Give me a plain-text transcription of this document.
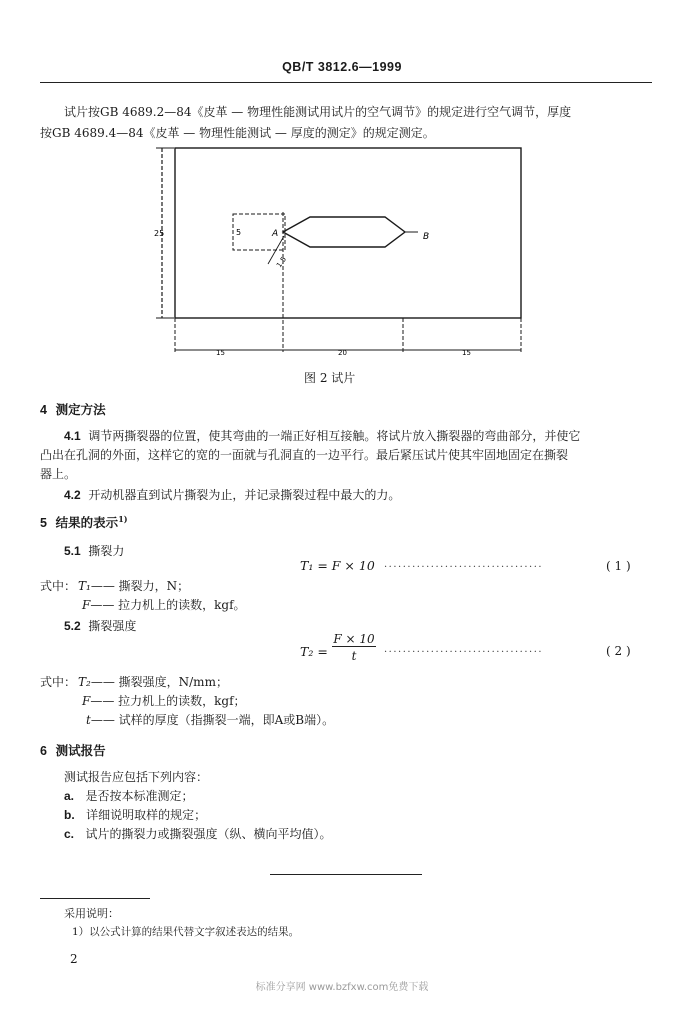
QB/T 3812.6—1999
试片按GB 4689.2—84《皮革 — 物理性能测试用试片的空气调节》的规定进行空气调节，厚度
按GB 4689.4—84《皮革 — 物理性能测试 — 厚度的测定》的规定测定。
25	5	A	B
1.5
15	20	15
图 2 试片
4 测定方法
4.1 调节两撕裂器的位置，使其弯曲的一端正好相互接触。将试片放入撕裂器的弯曲部分，并使它
凸出在孔洞的外面，这样它的宽的一面就与孔洞直的一边平行。最后紧压试片使其牢固地固定在撕裂
器上。
4.2 开动机器直到试片撕裂为止，并记录撕裂过程中最大的力。
5 结果的表示$^{1)}$
5.1 撕裂力
T₁ = F × 10 ··································	( 1 )
式中： T₁—— 撕裂力，N；
F—— 拉力机上的读数，kgf。
5.2 撕裂强度
T₂ =
F × 10
t	··································	( 2 )
式中： T₂—— 撕裂强度，N/mm；
F—— 拉力机上的读数，kgf；
t—— 试样的厚度（指撕裂一端，即A或B端）。
6 测试报告
测试报告应包括下列内容：
a. 是否按本标准测定；
b. 详细说明取样的规定；
c. 试片的撕裂力或撕裂强度（纵、横向平均值）。
采用说明：
1）以公式计算的结果代替文字叙述表达的结果。
2
标准分享网 www.bzfxw.com免费下载
